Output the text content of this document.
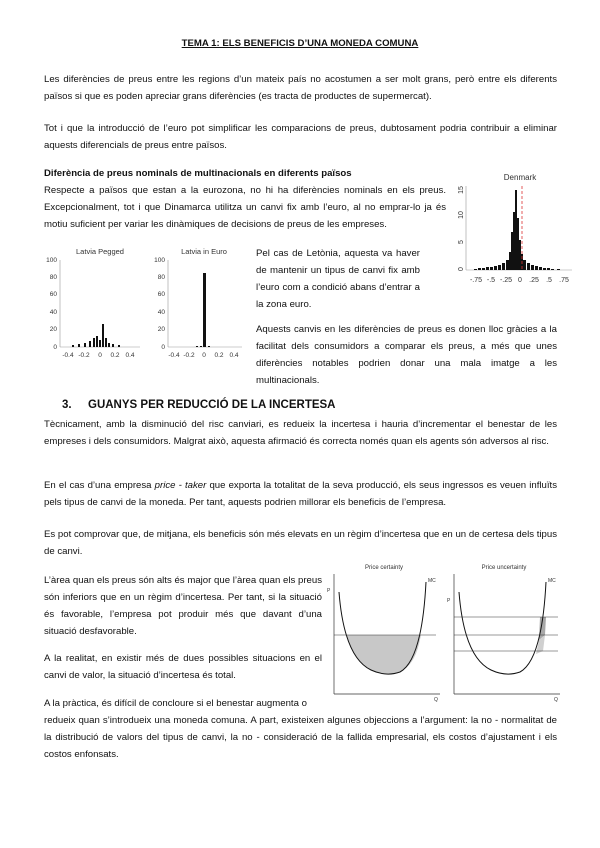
TEMA 1: ELS BENEFICIS D’UNA MONEDA COMUNA

Les diferències de preus entre les regions d’un mateix país no acostumen a ser molt grans, però entre els diferents països si que es poden apreciar grans diferències (es tracta de productes de supermercat).

Tot i que la introducció de l’euro pot simplificar les comparacions de preus, dubtosament podria contribuir a eliminar aquests diferencials de preus entre països.

Diferència de preus nominals de multinacionals en diferents països

Respecte a països que estan a la eurozona, no hi ha diferències nominals en els preus. Excepcionalment, tot i que Dinamarca utilitza un canvi fix amb l’euro, al no emprar-lo ja és motiu suficient per variar les dinàmiques de decisions de preus de les empreses.

Denmark
0
5
10
15
-.75 -.5 -.25 0 .25 .5 .75
Latvia Pegged
0
20
40
60
80
100
-0.4 -0.2 0 0.2 0.4
Latvia in Euro
0
20
40
60
80
100
-0.4 -0.2 0 0.2 0.4

Pel cas de Letònia, aquesta va haver de mantenir un tipus de canvi fix amb l’euro com a condició abans d’entrar a la zona euro.

Aquests canvis en les diferències de preus es donen lloc gràcies a la facilitat dels consumidors a comparar els preus, a més que unes diferències notables podrien donar una mala imatge a les multinacionals.

3. GUANYS PER REDUCCIÓ DE LA INCERTESA

Tècnicament, amb la disminució del risc canviari, es redueix la incertesa i hauria d’incrementar el benestar de les empreses i dels consumidors. Malgrat això, aquesta afirmació és correcta només quan els agents són adversos al risc.

En el cas d’una empresa price - taker que exporta la totalitat de la seva producció, els seus ingressos es veuen influïts pels tipus de canvi de la moneda. Per tant, aquests podrien millorar els beneficis de l’empresa.

Es pot comprovar que, de mitjana, els beneficis són més elevats en un règim d’incertesa que en un de certesa dels tipus de canvi.

L’àrea quan els preus són alts és major que l’àrea quan els preus són inferiors que en un règim d’incertesa. Per tant, si la situació és favorable, l’empresa pot produir més que davant d’una situació desfavorable.

A la realitat, en existir més de dues possibles situacions en el canvi de valor, la situació d’incertesa és total.

A la pràctica, és difícil de concloure si el benestar augmenta o

redueix quan s’introdueix una moneda comuna. A part, existeixen algunes objeccions a l’argument: la no - normalitat de la distribució de valors del tipus de canvi, la no - consideració de la fallida empresarial, els costos d’ajustament i els costos enfonsats.

Price certainty
P
Q
MC
Price uncertainty
P
Q
MC
